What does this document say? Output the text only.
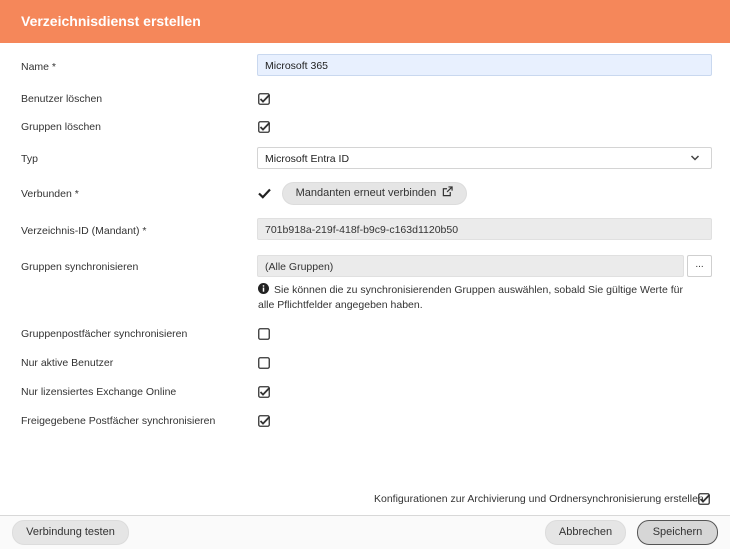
Verzeichnisdienst erstellen
Name *	Microsoft 365
Benutzer löschen
Gruppen löschen
Typ	Microsoft Entra ID
Verbunden *	Mandanten erneut verbinden
Verzeichnis-ID (Mandant) *	701b918a-219f-418f-b9c9-c163d1120b50
Gruppen synchronisieren	(Alle Gruppen)	...
Sie können die zu synchronisierenden Gruppen auswählen, sobald Sie gültige Werte für alle Pflichtfelder angegeben haben.
Gruppenpostfächer synchronisieren
Nur aktive Benutzer
Nur lizensiertes Exchange Online
Freigegebene Postfächer synchronisieren
Konfigurationen zur Archivierung und Ordnersynchronisierung erstellen
Verbindung testen	Abbrechen	Speichern
